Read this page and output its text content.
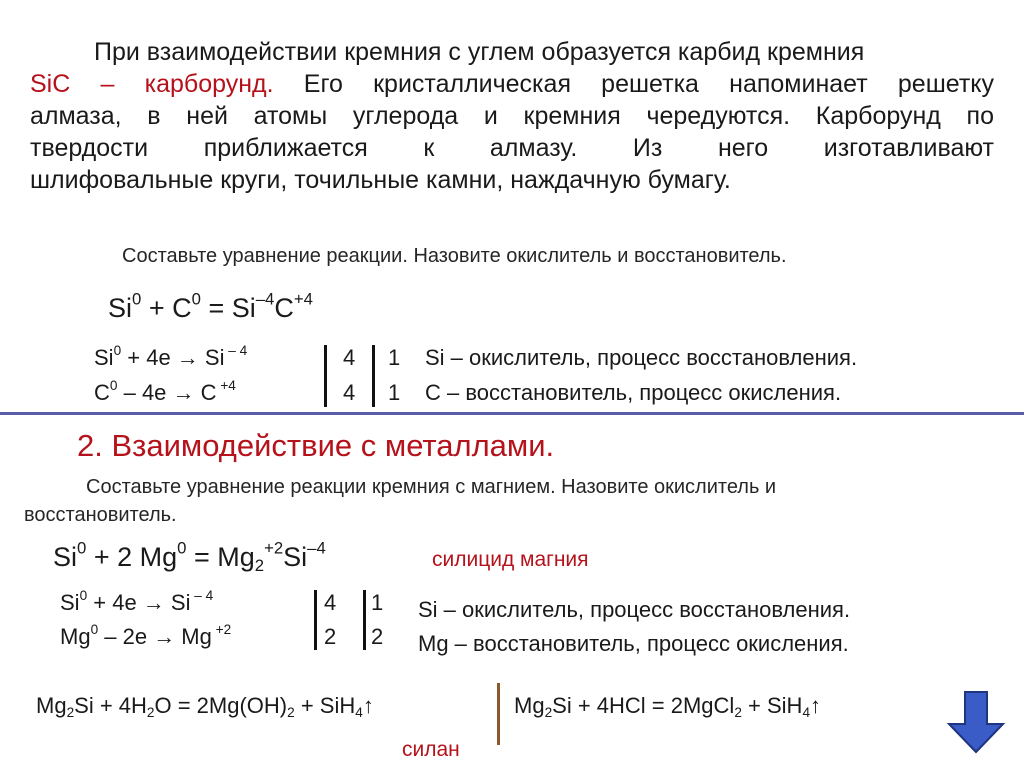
При взаимодействии кремния с углем образуется карбид кремния
SiC – карборунд. Его кристаллическая решетка напоминает решетку
алмаза, в ней атомы углерода и кремния чередуются. Карборунд по
твердости приближается к алмазу. Из него изготавливают
шлифовальные круги, точильные камни, наждачную бумагу.
Составьте уравнение реакции. Назовите окислитель и восстановитель.
$Si^0 + C^0 = Si^{-4}C^{+4}$
$Si^0 + 4e \to Si$ $^{- 4}$
$C^0 - 4e \to C$ $^{+4}$
4
4
1
1
Si – окислитель, процесс восстановления.
C – восстановитель, процесс окисления.
2. Взаимодействие с металлами.
Составьте уравнение реакции кремния с магнием. Назовите окислитель и
восстановитель.
$Si^0 + 2$ $Mg^0 = Mg_2^{+2}Si^{-4}$
силицид магния
$Si^0 + 4e \to Si$ $^{- 4}$
Mg$^0$ – 2e → Mg $^{+2}$
4
2
1
2
Si – окислитель, процесс восстановления.
Mg – восстановитель, процесс окисления.
$Mg_2Si + 4H_2O = 2Mg(OH)_2$ + SiH$_4$↑	$Mg_2Si + 4HCl$ = 2MgCl$_2$ + SiH$_4$↑
силан
